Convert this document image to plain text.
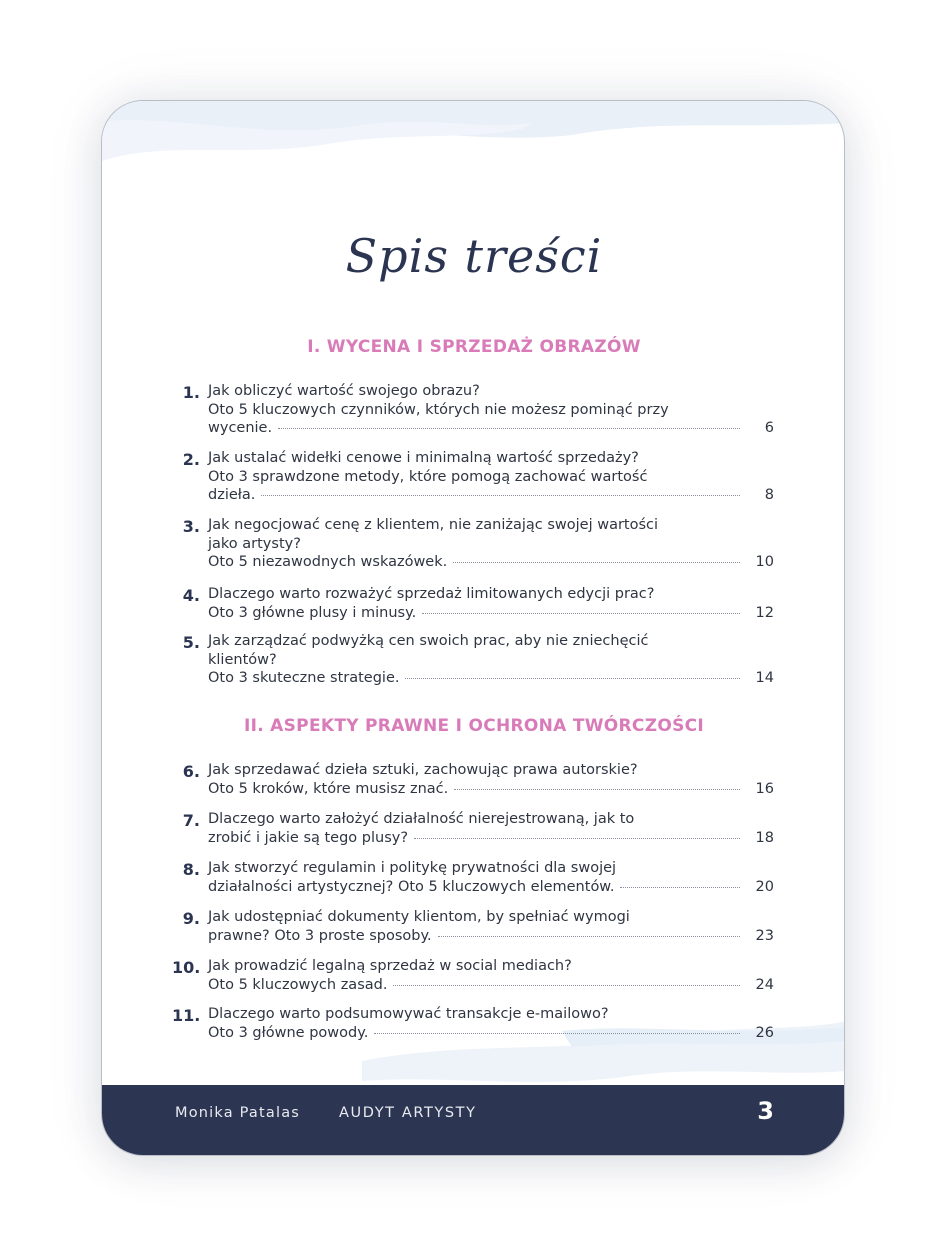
Spis treści
I. WYCENA I SPRZEDAŻ OBRAZÓW
1. Jak obliczyć wartość swojego obrazu?
Oto 5 kluczowych czynników, których nie możesz pominąć przy
wycenie.	6
2. Jak ustalać widełki cenowe i minimalną wartość sprzedaży?
Oto 3 sprawdzone metody, które pomogą zachować wartość
dzieła.	8
3. Jak negocjować cenę z klientem, nie zaniżając swojej wartości
jako artysty?
Oto 5 niezawodnych wskazówek.	10
4. Dlaczego warto rozważyć sprzedaż limitowanych edycji prac?
Oto 3 główne plusy i minusy.	12
5. Jak zarządzać podwyżką cen swoich prac, aby nie zniechęcić
klientów?
Oto 3 skuteczne strategie.	14
II. ASPEKTY PRAWNE I OCHRONA TWÓRCZOŚCI
6. Jak sprzedawać dzieła sztuki, zachowując prawa autorskie?
Oto 5 kroków, które musisz znać.	16
7. Dlaczego warto założyć działalność nierejestrowaną, jak to
zrobić i jakie są tego plusy?	18
8. Jak stworzyć regulamin i politykę prywatności dla swojej
działalności artystycznej? Oto 5 kluczowych elementów.	20
9. Jak udostępniać dokumenty klientom, by spełniać wymogi
prawne? Oto 3 proste sposoby.	23
10. Jak prowadzić legalną sprzedaż w social mediach?
Oto 5 kluczowych zasad.	24
11. Dlaczego warto podsumowywać transakcje e-mailowo?
Oto 3 główne powody.	26
Monika Patalas	AUDYT ARTYSTY	3
